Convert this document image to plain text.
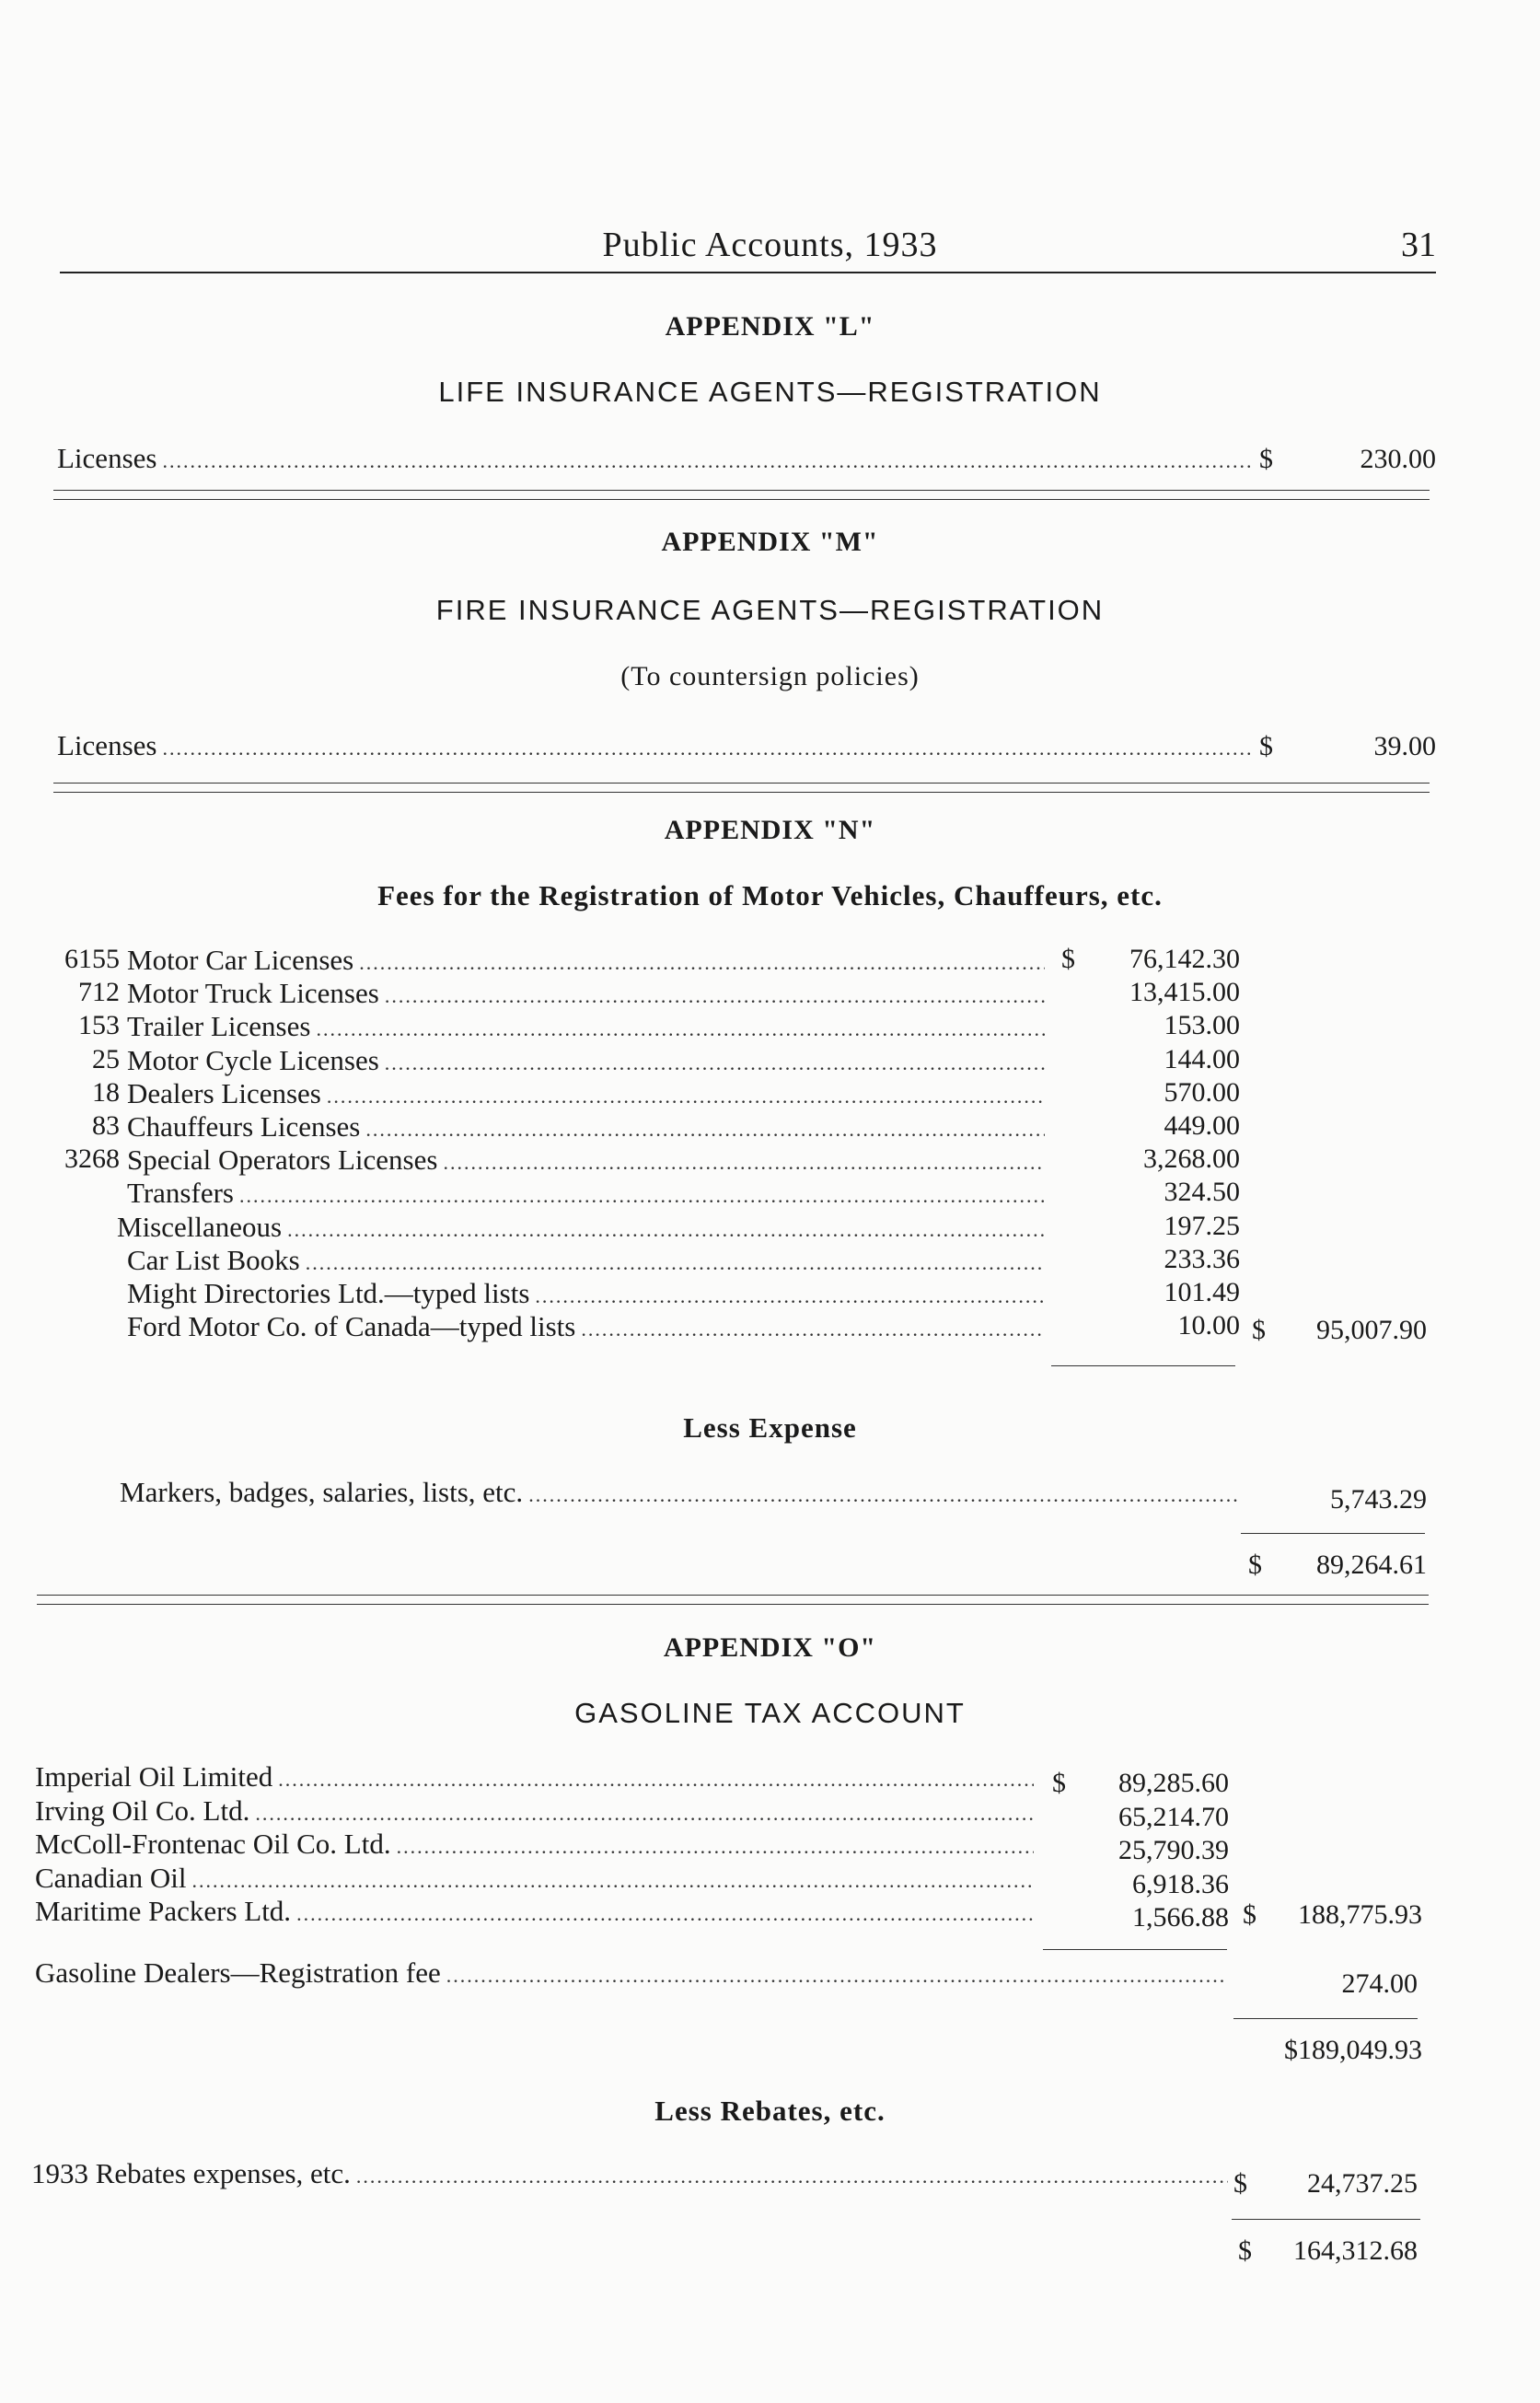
Public Accounts, 1933	31
APPENDIX "L"
LIFE INSURANCE AGENTS—REGISTRATION
Licenses .....	$	230.00
APPENDIX "M"
FIRE INSURANCE AGENTS—REGISTRATION
(To countersign policies)
Licenses .....	$	39.00
APPENDIX "N"
Fees for the Registration of Motor Vehicles, Chauffeurs, etc.
6155 Motor Car Licenses .....	$	76,142.30
712 Motor Truck Licenses .....	13,415.00
153 Trailer Licenses .....	153.00
25 Motor Cycle Licenses .....	144.00
18 Dealers Licenses .....	570.00
83 Chauffeurs Licenses .....	449.00
3268 Special Operators Licenses .....	3,268.00
Transfers .....	324.50
Miscellaneous .....	197.25
Car List Books .....	233.36
Might Directories Ltd.—typed lists .....	101.49
Ford Motor Co. of Canada—typed lists .....	10.00 $	95,007.90
Less Expense
Markers, badges, salaries, lists, etc. .....	5,743.29
$	89,264.61
APPENDIX "O"
GASOLINE TAX ACCOUNT
Imperial Oil Limited .....	$	89,285.60
Irving Oil Co. Ltd. .....	65,214.70
McColl-Frontenac Oil Co. Ltd. .....	25,790.39
Canadian Oil .....	6,918.36
Maritime Packers Ltd. .....	1,566.88 $	188,775.93
Gasoline Dealers—Registration fee .....	274.00
$189,049.93
Less Rebates, etc.
1933 Rebates expenses, etc. .....	$	24,737.25
$	164,312.68
